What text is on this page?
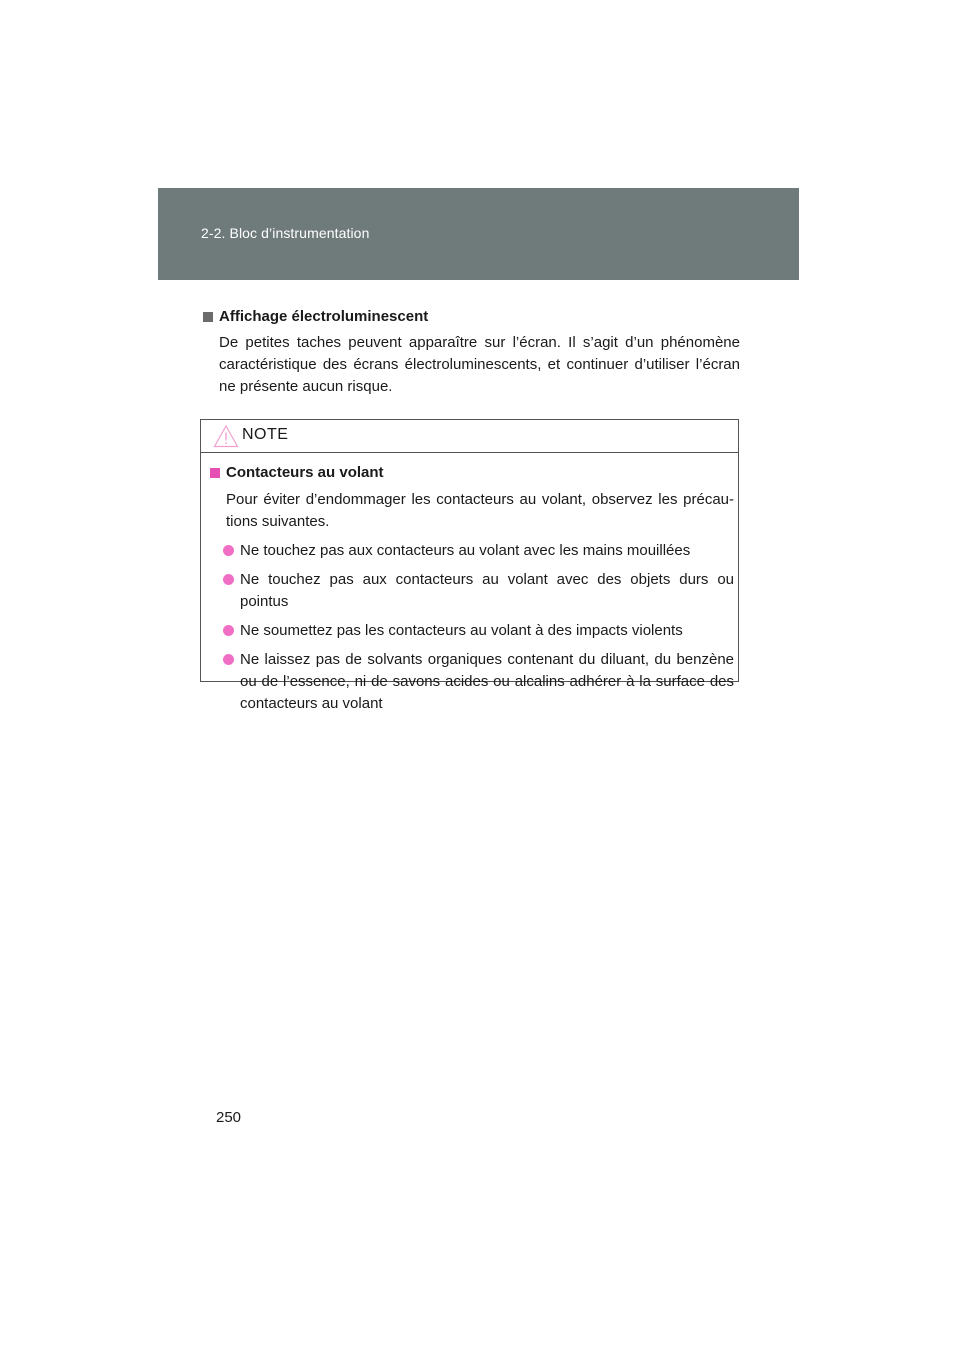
2-2. Bloc d’instrumentation
Affichage électroluminescent

De petites taches peuvent apparaître sur l’écran. Il s’agit d’un phénomène caractéristique des écrans électroluminescents, et continuer d’utiliser l’écran ne présente aucun risque.

NOTE
Contacteurs au volant

Pour éviter d’endommager les contacteurs au volant, observez les précau-tions suivantes.

Ne touchez pas aux contacteurs au volant avec les mains mouillées
Ne touchez pas aux contacteurs au volant avec des objets durs ou pointus
Ne soumettez pas les contacteurs au volant à des impacts violents
Ne laissez pas de solvants organiques contenant du diluant, du benzène ou de l’essence, ni de savons acides ou alcalins adhérer à la surface des contacteurs au volant
250
